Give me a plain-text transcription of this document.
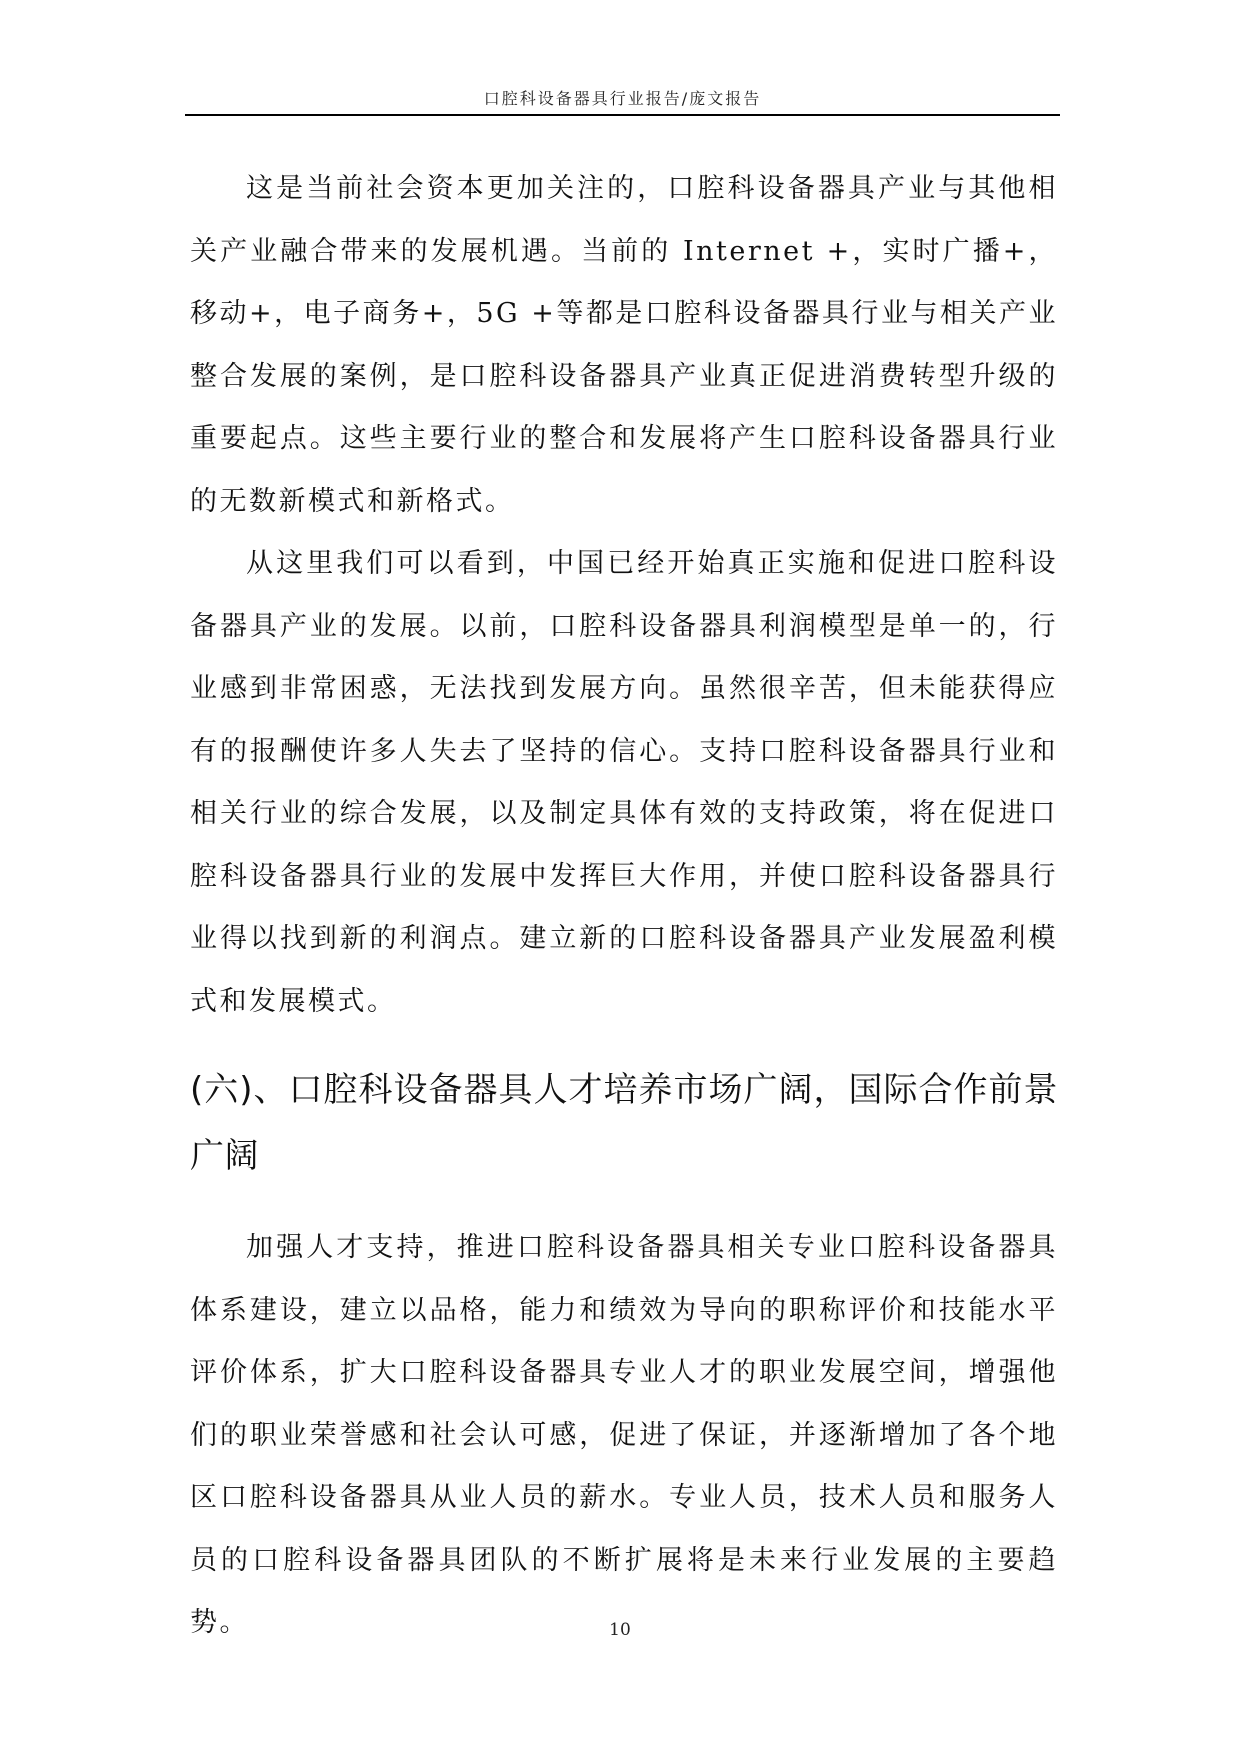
口腔科设备器具行业报告/庞文报告

这是当前社会资本更加关注的，口腔科设备器具产业与其他相关产业融合带来的发展机遇。当前的 Internet +，实时广播+，移动+，电子商务+，5G +等都是口腔科设备器具行业与相关产业整合发展的案例，是口腔科设备器具产业真正促进消费转型升级的重要起点。这些主要行业的整合和发展将产生口腔科设备器具行业的无数新模式和新格式。

从这里我们可以看到，中国已经开始真正实施和促进口腔科设备器具产业的发展。以前，口腔科设备器具利润模型是单一的，行业感到非常困惑，无法找到发展方向。虽然很辛苦，但未能获得应有的报酬使许多人失去了坚持的信心。支持口腔科设备器具行业和相关行业的综合发展，以及制定具体有效的支持政策，将在促进口腔科设备器具行业的发展中发挥巨大作用，并使口腔科设备器具行业得以找到新的利润点。建立新的口腔科设备器具产业发展盈利模式和发展模式。

(六)、口腔科设备器具人才培养市场广阔，国际合作前景广阔

加强人才支持，推进口腔科设备器具相关专业口腔科设备器具体系建设，建立以品格，能力和绩效为导向的职称评价和技能水平评价体系，扩大口腔科设备器具专业人才的职业发展空间，增强他们的职业荣誉感和社会认可感，促进了保证，并逐渐增加了各个地区口腔科设备器具从业人员的薪水。专业人员，技术人员和服务人员的口腔科设备器具团队的不断扩展将是未来行业发展的主要趋势。	10
